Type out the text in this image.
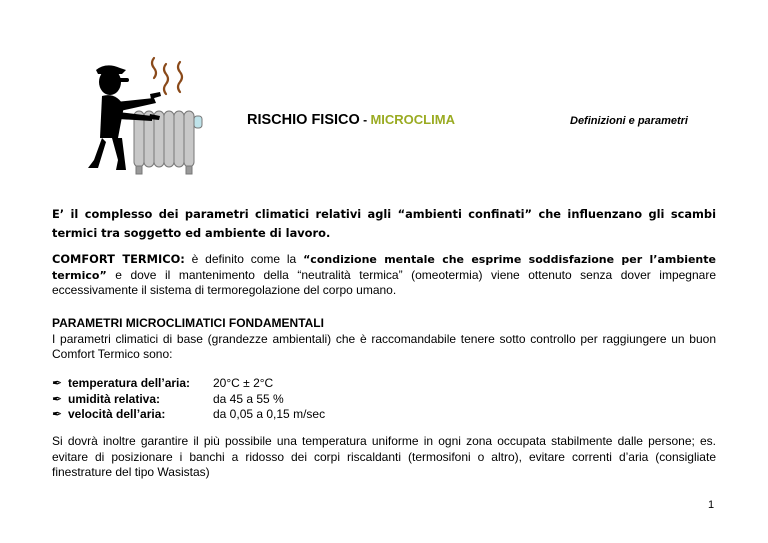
RISCHIO FISICO - MICROCLIMA	Definizioni e parametri
E’ il complesso dei parametri climatici relativi agli “ambienti confinati” che influenzano gli scambi termici tra soggetto ed ambiente di lavoro.
COMFORT TERMICO: è definito come la “condizione mentale che esprime soddisfazione per l’ambiente termico” e dove il mantenimento della “neutralità termica” (omeotermia) viene ottenuto senza dover impegnare eccessivamente il sistema di termoregolazione del corpo umano.
PARAMETRI MICROCLIMATICI FONDAMENTALI
I parametri climatici di base (grandezze ambientali) che è raccomandabile tenere sotto controllo per raggiungere un buon Comfort Termico sono:
✒ temperatura dell’aria:	20°C ± 2°C
✒ umidità relativa:	da 45 a 55 %
✒ velocità dell’aria:	da 0,05 a 0,15 m/sec
Si dovrà inoltre garantire il più possibile una temperatura uniforme in ogni zona occupata stabilmente dalle persone; es. evitare di posizionare i banchi a ridosso dei corpi riscaldanti (termosifoni o altro), evitare correnti d’aria (consigliate finestrature del tipo Wasistas)
1
